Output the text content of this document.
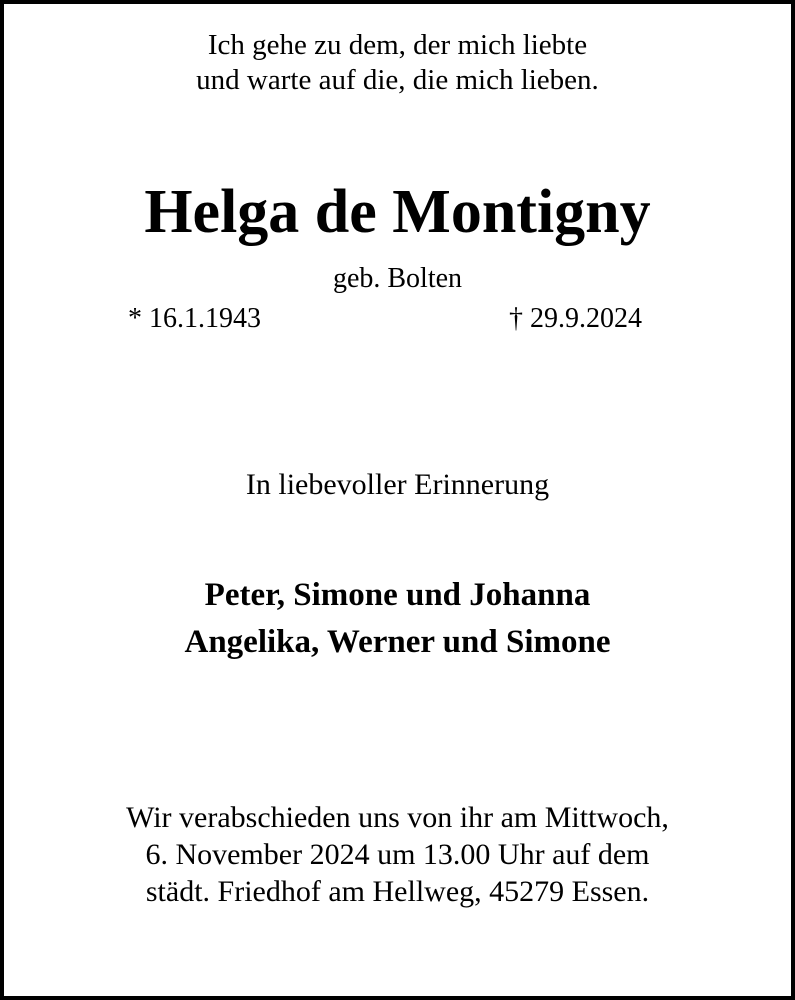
Ich gehe zu dem, der mich liebte
und warte auf die, die mich lieben.
Helga de Montigny
geb. Bolten
* 16.1.1943	† 29.9.2024
In liebevoller Erinnerung
Peter, Simone und Johanna
Angelika, Werner und Simone
Wir verabschieden uns von ihr am Mittwoch,
6. November 2024 um 13.00 Uhr auf dem
städt. Friedhof am Hellweg, 45279 Essen.
